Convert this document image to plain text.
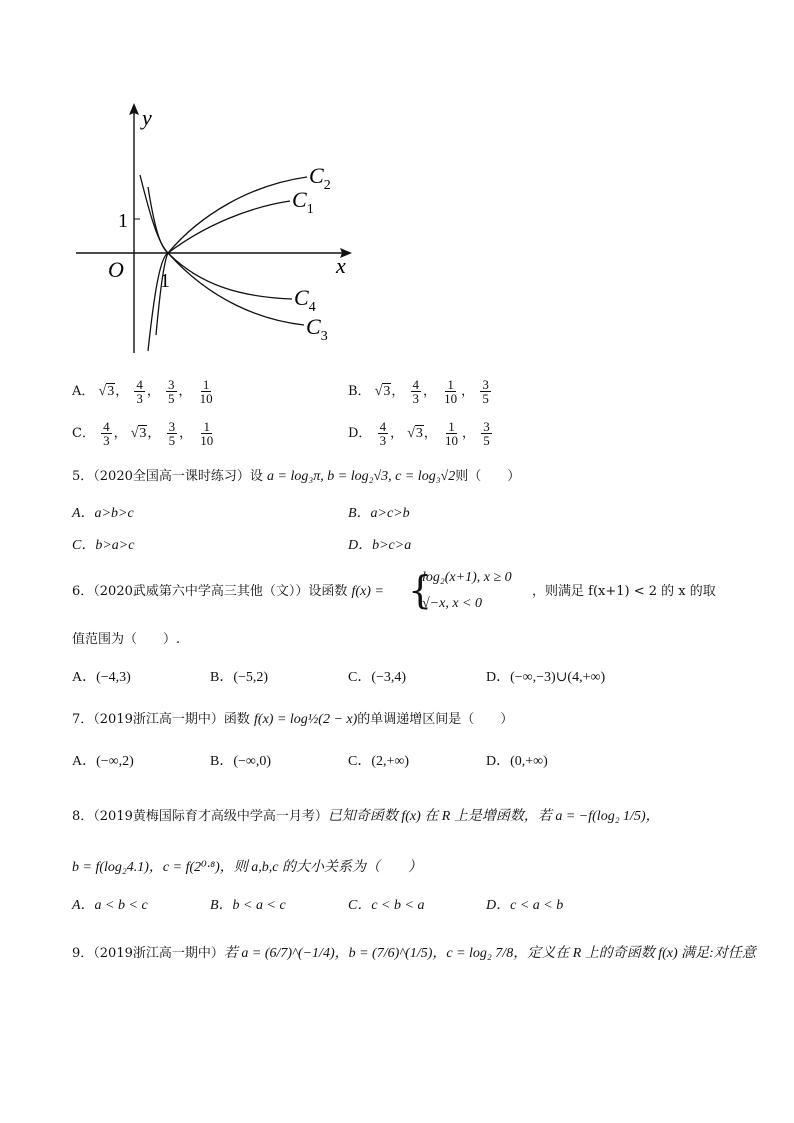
y
x
O
1
1
$C_2$
$C_1$
$C_4$
$C_3$
A． √3， $\frac{4}{3}$ ， $\frac{3}{5}$ ， $\frac{1}{10}$	B． √3， $\frac{4}{3}$ ， $\frac{1}{10}$ ， $\frac{3}{5}$
C． $\frac{4}{3}$ ， √3， $\frac{3}{5}$ ， $\frac{1}{10}$	D． $\frac{4}{3}$ ， √3， $\frac{1}{10}$ ， $\frac{3}{5}$
5．（2020全国高一课时练习）设 a = log₃π, b = log₂√3, c = log₃√2则（　　）
A．a>b>c	B．a>c>b
C．b>a>c	D．b>c>a
6．（2020武威第六中学高三其他（文））设函数 f(x) = {
log₂(x+1), x ≥ 0
√−x, x < 0
，则满足 f(x+1) < 2 的 x 的取
值范围为（　　）.
A．(−4,3)	B．(−5,2)	C．(−3,4)	D．(−∞,−3)∪(4,+∞)
7．（2019浙江高一期中）函数 f(x) = log½(2 − x)的单调递增区间是（　　）
A．(−∞,2)	B．(−∞,0)	C．(2,+∞)	D．(0,+∞)
8．（2019黄梅国际育才高级中学高一月考）已知奇函数 f(x) 在 R 上是增函数，若 a = −f(log₂ 1/5)，
b = f(log₂4.1)，c = f(2⁰·⁸)，则 a,b,c 的大小关系为（　　）
A．a < b < c	B．b < a < c	C．c < b < a	D．c < a < b
9．（2019浙江高一期中）若 a = (6/7)^(−1/4)，b = (7/6)^(1/5)，c = log₂ 7/8，定义在 R 上的奇函数 f(x) 满足:对任意
